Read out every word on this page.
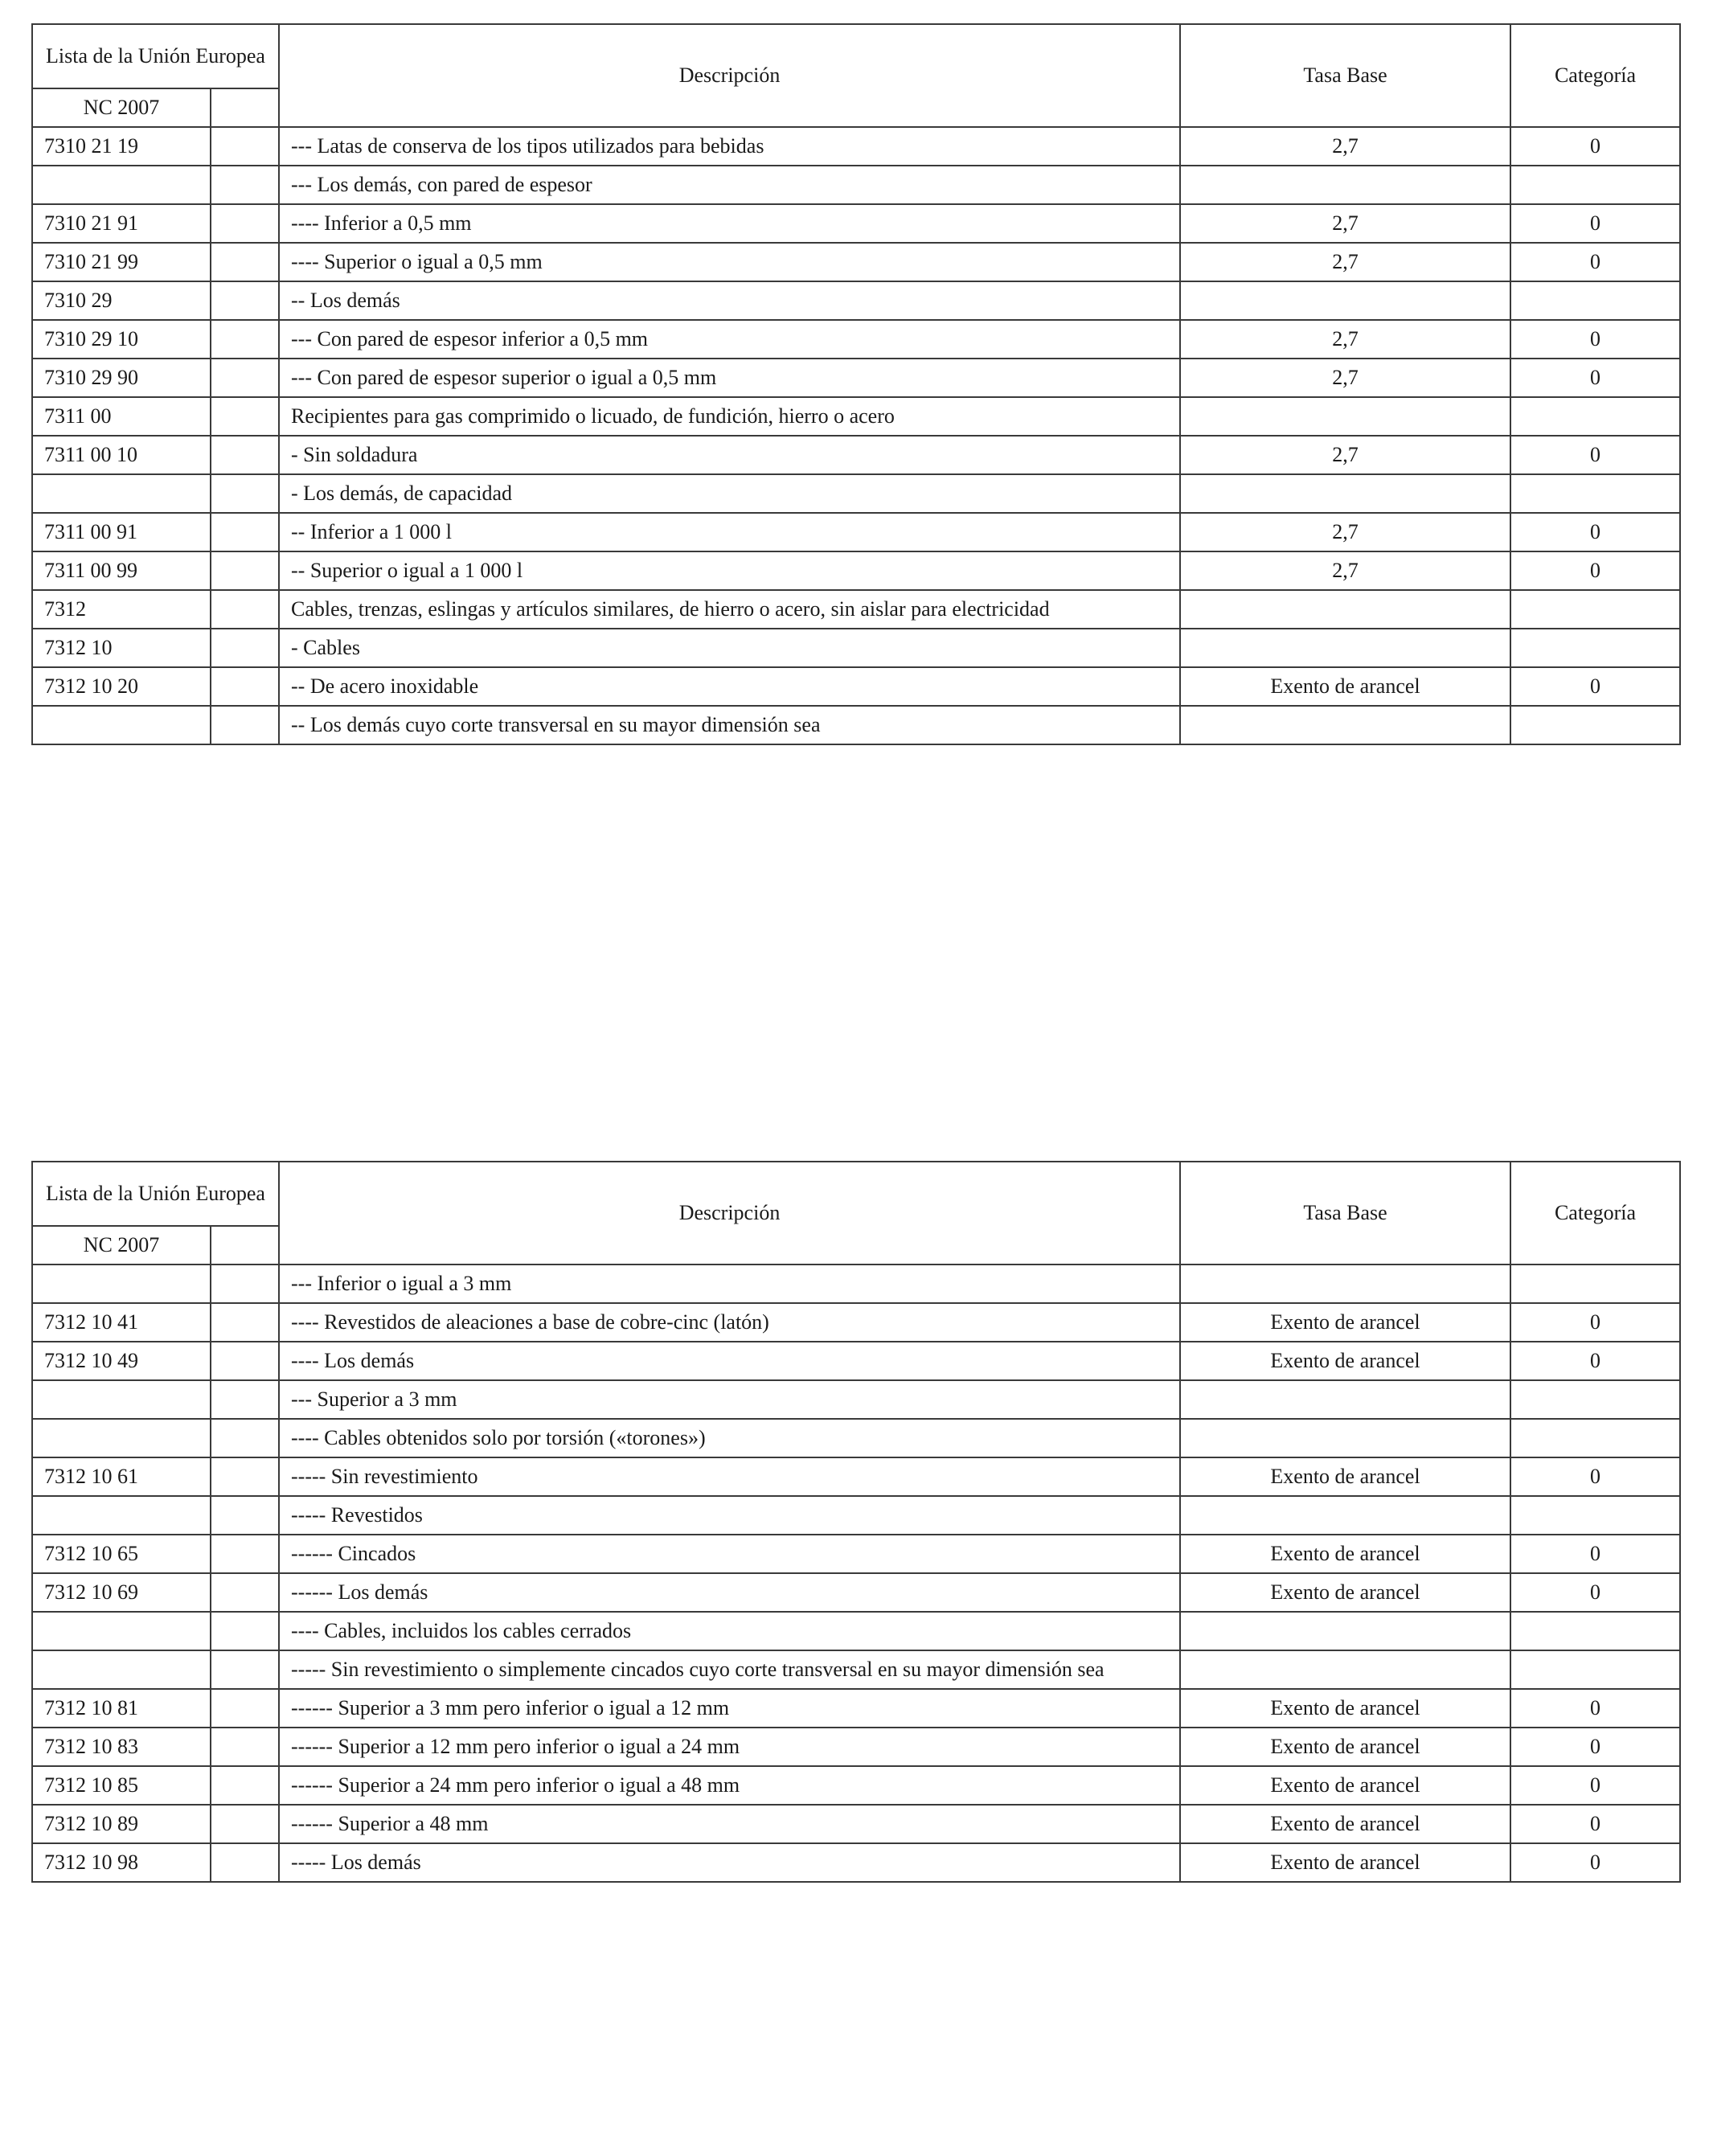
Lista de la Unión Europea		Descripción	Tasa Base	Categoría
NC 2007				
7310 21 19		--- Latas de conserva de los tipos utilizados para bebidas	2,7	0
		--- Los demás, con pared de espesor		
7310 21 91		---- Inferior a 0,5 mm	2,7	0
7310 21 99		---- Superior o igual a 0,5 mm	2,7	0
7310 29		-- Los demás		
7310 29 10		--- Con pared de espesor inferior a 0,5 mm	2,7	0
7310 29 90		--- Con pared de espesor superior o igual a 0,5 mm	2,7	0
7311 00		Recipientes para gas comprimido o licuado, de fundición, hierro o acero		
7311 00 10		- Sin soldadura	2,7	0
		- Los demás, de capacidad		
7311 00 91		-- Inferior a 1 000 l	2,7	0
7311 00 99		-- Superior o igual a 1 000 l	2,7	0
7312		Cables, trenzas, eslingas y artículos similares, de hierro o acero, sin aislar para electricidad		
7312 10		- Cables		
7312 10 20		-- De acero inoxidable	Exento de arancel	0
		-- Los demás cuyo corte transversal en su mayor dimensión sea		
Lista de la Unión Europea		Descripción	Tasa Base	Categoría
NC 2007				
		--- Inferior o igual a 3 mm		
7312 10 41		---- Revestidos de aleaciones a base de cobre-cinc (latón)	Exento de arancel	0
7312 10 49		---- Los demás	Exento de arancel	0
		--- Superior a 3 mm		
		---- Cables obtenidos solo por torsión («torones»)		
7312 10 61		----- Sin revestimiento	Exento de arancel	0
		----- Revestidos		
7312 10 65		------ Cincados	Exento de arancel	0
7312 10 69		------ Los demás	Exento de arancel	0
		---- Cables, incluidos los cables cerrados		
		----- Sin revestimiento o simplemente cincados cuyo corte transversal en su mayor dimensión sea		
7312 10 81		------ Superior a 3 mm pero inferior o igual a 12 mm	Exento de arancel	0
7312 10 83		------ Superior a 12 mm pero inferior o igual a 24 mm	Exento de arancel	0
7312 10 85		------ Superior a 24 mm pero inferior o igual a 48 mm	Exento de arancel	0
7312 10 89		------ Superior a 48 mm	Exento de arancel	0
7312 10 98		----- Los demás	Exento de arancel	0
